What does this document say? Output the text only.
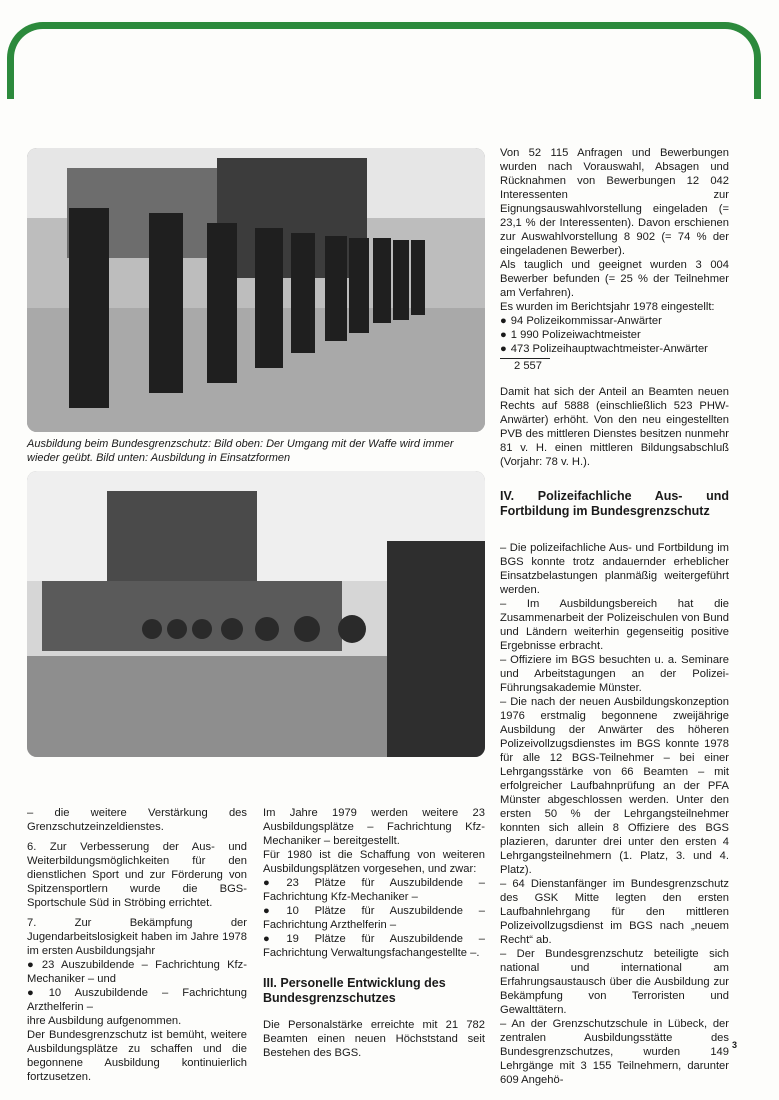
Ausbildung beim Bundesgrenzschutz: Bild oben: Der Umgang mit der Waffe wird immer wieder geübt. Bild unten: Ausbildung in Einsatzformen

Von 52 115 Anfragen und Bewerbungen wurden nach Vorauswahl, Absagen und Rücknahmen von Bewerbungen 12 042 Interessenten zur Eignungsauswahlvorstellung eingeladen (= 23,1 % der Interessenten). Davon erschienen zur Auswahlvorstellung 8 902 (= 74 % der eingeladenen Bewerber).

Als tauglich und geeignet wurden 3 004 Bewerber befunden (= 25 % der Teilnehmer am Verfahren).

Es wurden im Berichtsjahr 1978 eingestellt:

● 94 Polizeikommissar-Anwärter
● 1 990 Polizeiwachtmeister
● 473 Polizeihauptwachtmeister-Anwärter

2 557

Damit hat sich der Anteil an Beamten neuen Rechts auf 5888 (einschließlich 523 PHW-Anwärter) erhöht. Von den neu eingestellten PVB des mittleren Dienstes besitzen nunmehr 81 v. H. einen mittleren Bildungsabschluß (Vorjahr: 78 v. H.).

IV. Polizeifachliche Aus- und Fortbildung im Bundesgrenzschutz

– Die polizeifachliche Aus- und Fortbildung im BGS konnte trotz andauernder erheblicher Einsatzbelastungen planmäßig weitergeführt werden.

– Im Ausbildungsbereich hat die Zusammenarbeit der Polizeischulen von Bund und Ländern weiterhin gegenseitig positive Ergebnisse erbracht.

– Offiziere im BGS besuchten u. a. Seminare und Arbeitstagungen an der Polizei-Führungsakademie Münster.

– Die nach der neuen Ausbildungskonzeption 1976 erstmalig begonnene zweijährige Ausbildung der Anwärter des höheren Polizeivollzugsdienstes im BGS konnte 1978 für alle 12 BGS-Teilnehmer – bei einer Lehrgangsstärke von 66 Beamten – mit erfolgreicher Laufbahnprüfung an der PFA Münster abgeschlossen werden. Unter den ersten 50 % der Lehrgangsteilnehmer konnten sich allein 8 Offiziere des BGS plazieren, darunter drei unter den ersten 4 Lehrgangsteilnehmern (1. Platz, 3. und 4. Platz).

– 64 Dienstanfänger im Bundesgrenzschutz des GSK Mitte legten den ersten Laufbahnlehrgang für den mittleren Polizeivollzugsdienst im BGS nach „neuem Recht“ ab.

– Der Bundesgrenzschutz beteiligte sich national und international am Erfahrungsaustausch über die Ausbildung zur Bekämpfung von Terroristen und Gewalttätern.

– An der Grenzschutzschule in Lübeck, der zentralen Ausbildungsstätte des Bundesgrenzschutzes, wurden 149 Lehrgänge mit 3 155 Teilnehmern, darunter 609 Angehö-

– die weitere Verstärkung des Grenzschutzeinzeldienstes.

6. Zur Verbesserung der Aus- und Weiterbildungsmöglichkeiten für den dienstlichen Sport und zur Förderung von Spitzensportlern wurde die BGS-Sportschule Süd in Ströbing errichtet.

7. Zur Bekämpfung der Jugendarbeitslosigkeit haben im Jahre 1978 im ersten Ausbildungsjahr

● 23 Auszubildende – Fachrichtung Kfz-Mechaniker – und

● 10 Auszubildende – Fachrichtung Arzthelferin –

ihre Ausbildung aufgenommen.

Der Bundesgrenzschutz ist bemüht, weitere Ausbildungsplätze zu schaffen und die begonnene Ausbildung kontinuierlich fortzusetzen.

Im Jahre 1979 werden weitere 23 Ausbildungsplätze – Fachrichtung Kfz-Mechaniker – bereitgestellt.

Für 1980 ist die Schaffung von weiteren Ausbildungsplätzen vorgesehen, und zwar:

● 23 Plätze für Auszubildende – Fachrichtung Kfz-Mechaniker –

● 10 Plätze für Auszubildende – Fachrichtung Arzthelferin –

● 19 Plätze für Auszubildende – Fachrichtung Verwaltungsfachangestellte –.

III. Personelle Entwicklung des Bundesgrenzschutzes

Die Personalstärke erreichte mit 21 782 Beamten einen neuen Höchststand seit Bestehen des BGS.

3
